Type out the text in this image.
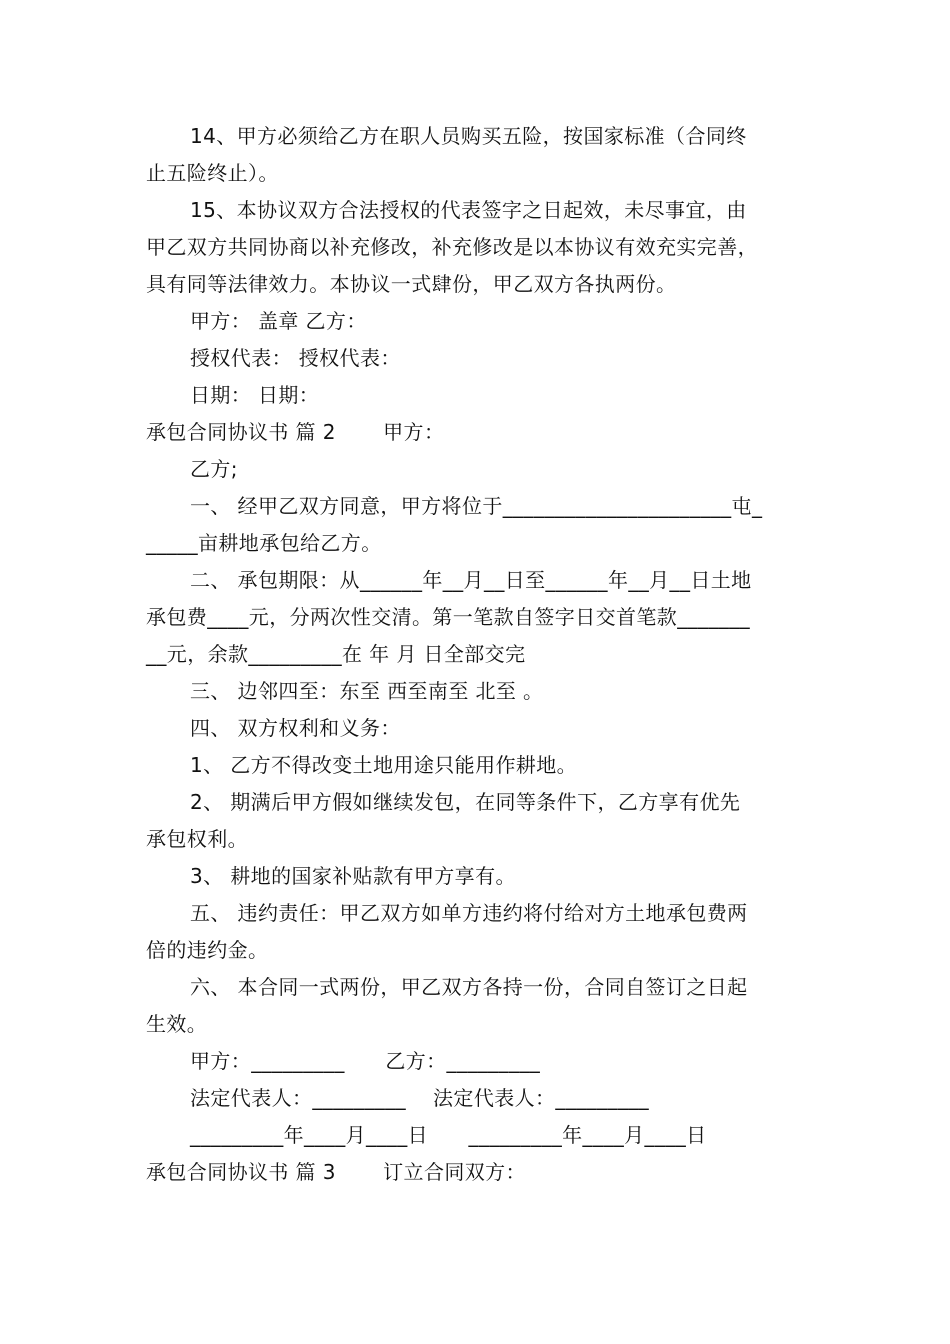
14、甲方必须给乙方在职人员购买五险，按国家标准（合同终
止五险终止）。
15、本协议双方合法授权的代表签字之日起效，未尽事宜，由
甲乙双方共同协商以补充修改，补充修改是以本协议有效充实完善，
具有同等法律效力。本协议一式肆份，甲乙双方各执两份。
甲方： 盖章 乙方：
授权代表： 授权代表：
日期： 日期：
承包合同协议书 篇 2       甲方：
乙方;
一、 经甲乙双方同意，甲方将位于______________________屯_
_____亩耕地承包给乙方。
二、 承包期限：从______年__月__日至______年__月__日土地
承包费____元，分两次性交清。第一笔款自签字日交首笔款_______
__元，余款_________在 年 月 日全部交完
三、 边邻四至：东至 西至南至 北至 。
四、 双方权利和义务：
1、 乙方不得改变土地用途只能用作耕地。
2、 期满后甲方假如继续发包，在同等条件下，乙方享有优先
承包权利。
3、 耕地的国家补贴款有甲方享有。
五、 违约责任：甲乙双方如单方违约将付给对方土地承包费两
倍的违约金。
六、 本合同一式两份，甲乙双方各持一份，合同自签订之日起
生效。
甲方：_________      乙方：_________
法定代表人：_________    法定代表人：_________
_________年____月____日      _________年____月____日
承包合同协议书 篇 3       订立合同双方：
